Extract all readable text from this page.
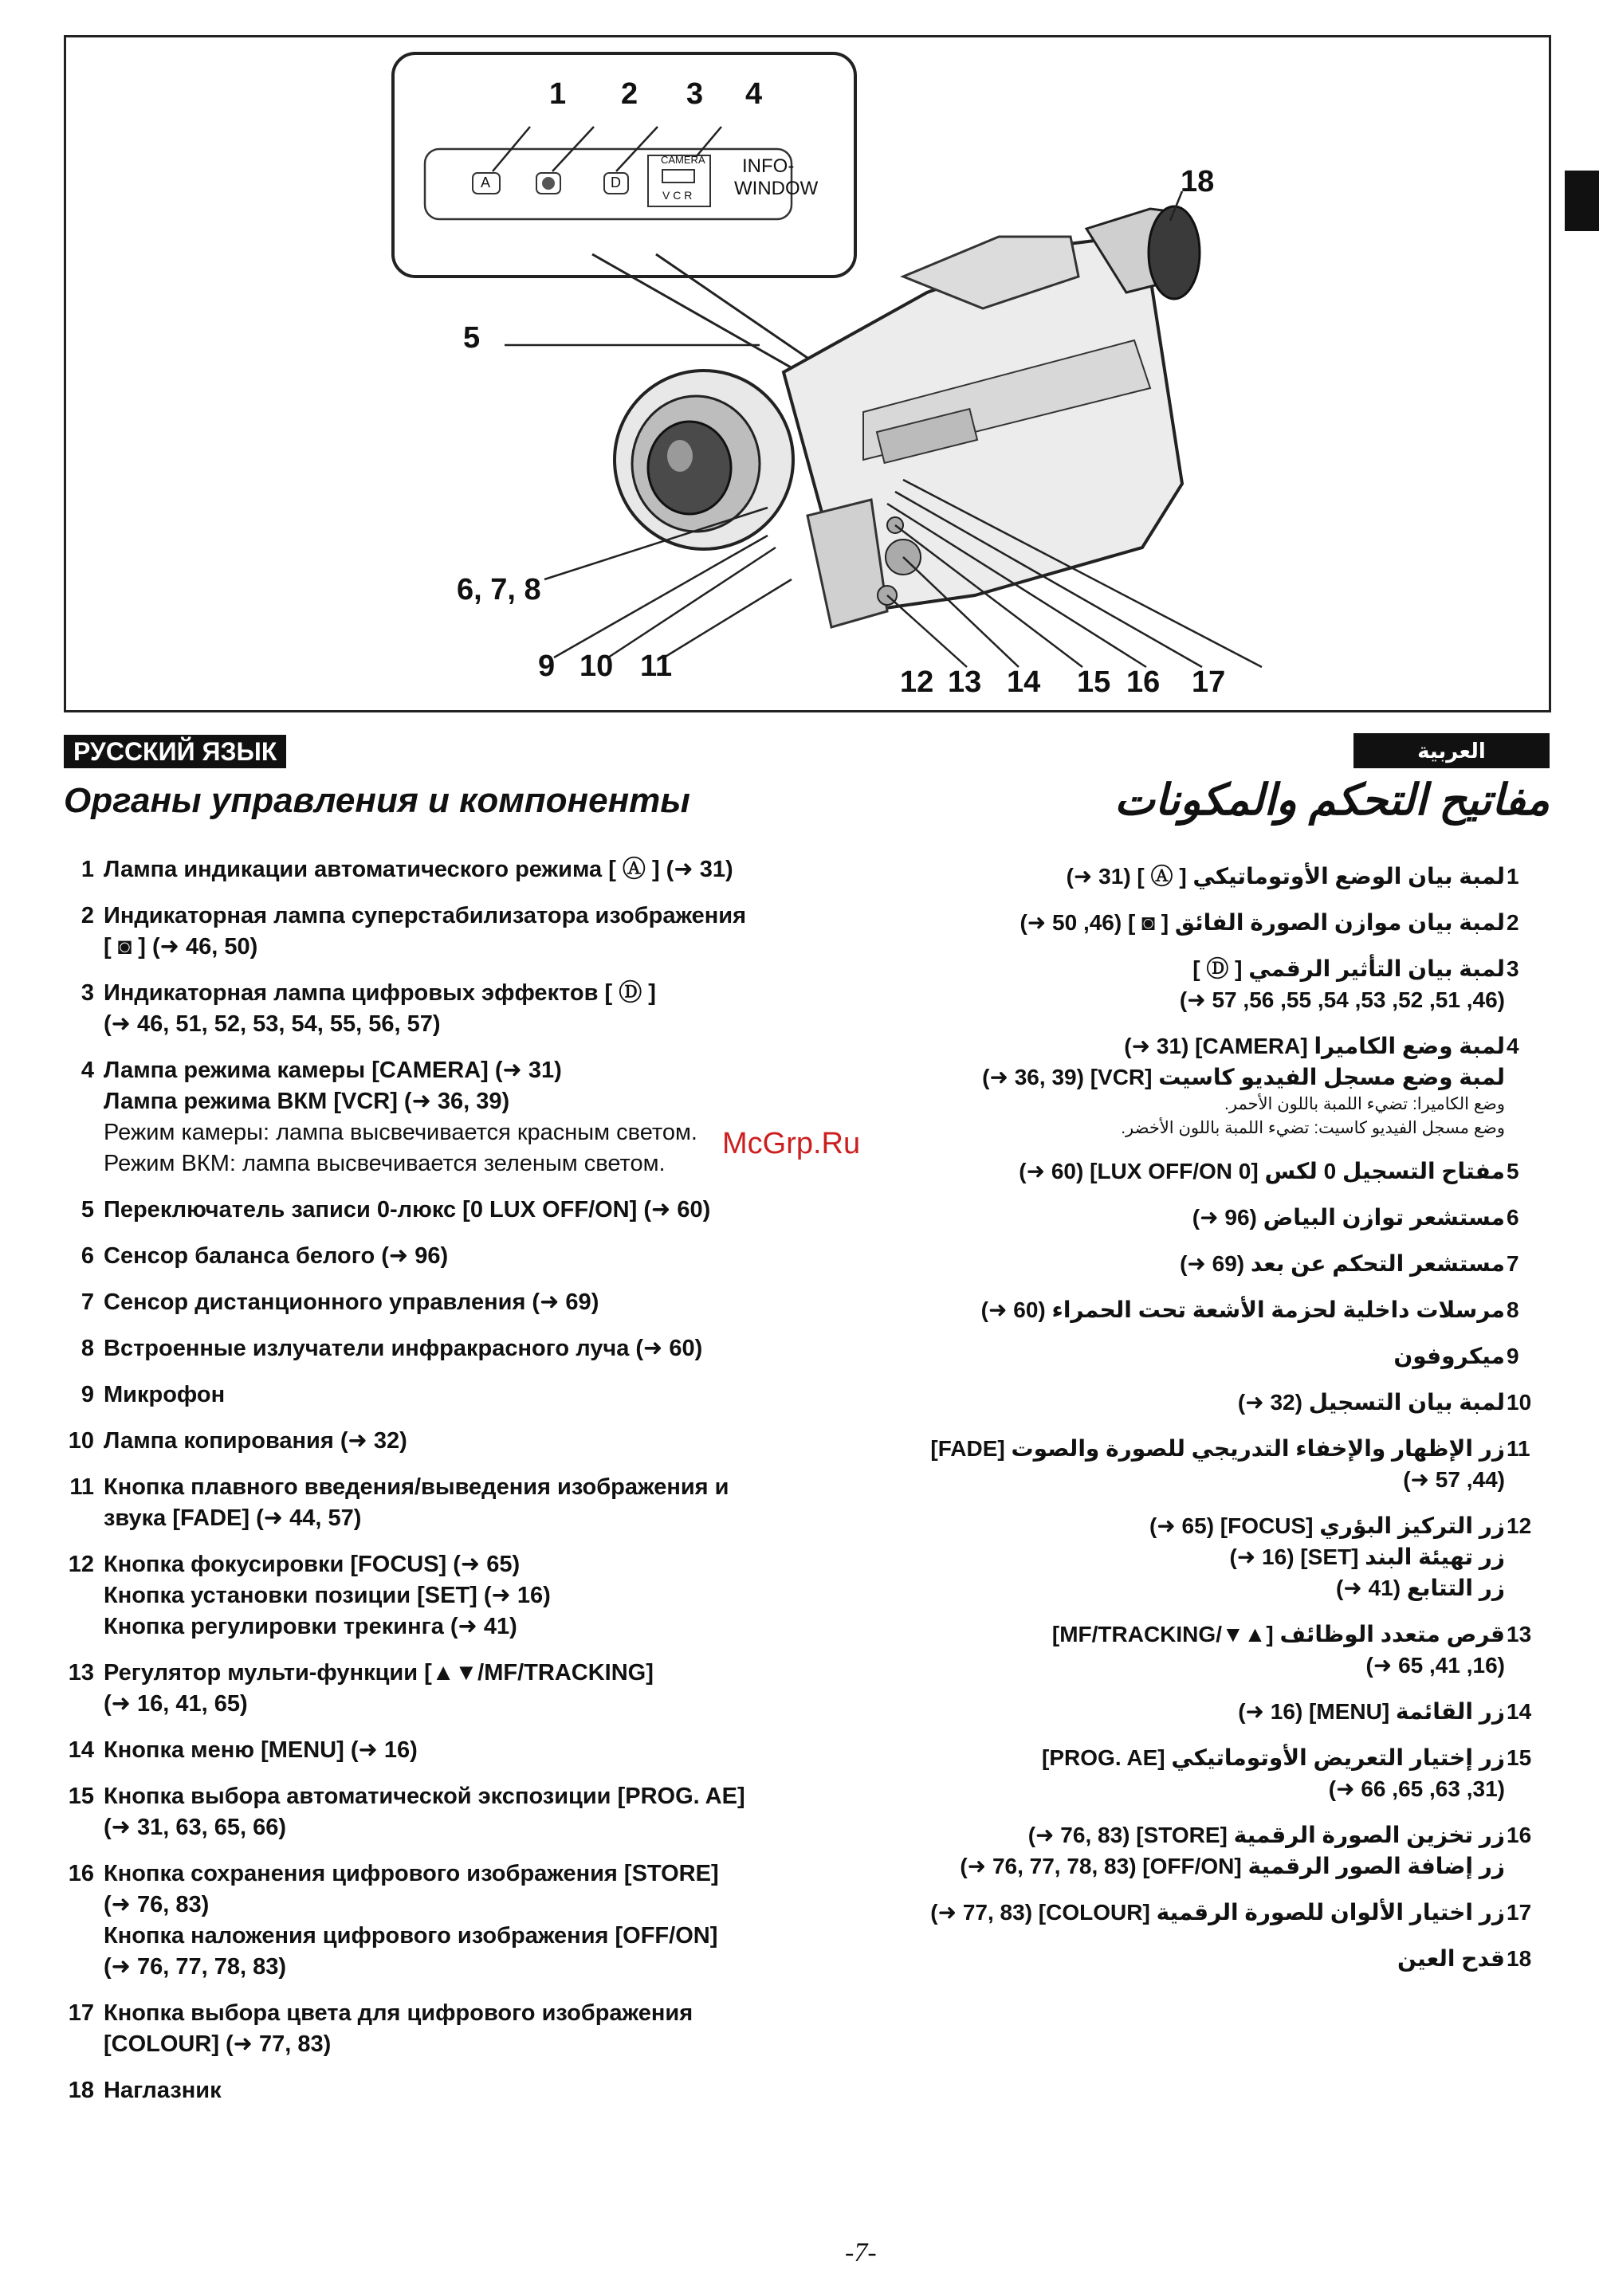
1 2 3 4
5
6, 7, 8
9 10 11	12 13 14 15 16 17
18
INFO-
WINDOW
CAMERA
V C R
A	D
РУССКИЙ ЯЗЫК
Органы управления и компоненты
1 Лампа индикации автоматического режима [ Ⓐ ] (➜ 31)
2 Индикаторная лампа суперстабилизатора изображения
[ ◙ ] (➜ 46, 50)
3 Индикаторная лампа цифровых эффектов [ Ⓓ ]
(➜ 46, 51, 52, 53, 54, 55, 56, 57)
4 Лампа режима камеры [CAMERA] (➜ 31)
Лампа режима ВКМ [VCR] (➜ 36, 39)
Режим камеры: лампа высвечивается красным светом.
Режим ВКМ: лампа высвечивается зеленым светом.
5 Переключатель записи 0-люкс [0 LUX OFF/ON] (➜ 60)
6 Сенсор баланса белого (➜ 96)
7 Сенсор дистанционного управления (➜ 69)
8 Встроенные излучатели инфракрасного луча (➜ 60)
9 Микрофон
10 Лампа копирования (➜ 32)
11 Кнопка плавного введения/выведения изображения и
звука [FADE] (➜ 44, 57)
12 Кнопка фокусировки [FOCUS] (➜ 65)
Кнопка установки позиции [SET] (➜ 16)
Кнопка регулировки трекинга (➜ 41)
13 Регулятор мульти-функции [▲▼/MF/TRACKING]
(➜ 16, 41, 65)
14 Кнопка меню [MENU] (➜ 16)
15 Кнопка выбора автоматической экспозиции [PROG. AE]
(➜ 31, 63, 65, 66)
16 Кнопка сохранения цифрового изображения [STORE]
(➜ 76, 83)
Кнопка наложения цифрового изображения [OFF/ON]
(➜ 76, 77, 78, 83)
17 Кнопка выбора цвета для цифрового изображения
[COLOUR] (➜ 77, 83)
18 Наглазник
العربية
مفاتيح التحكم والمكونات
1
لمبة بيان الوضع الأوتوماتيكي [ Ⓐ ] (31 ➜)
2
لمبة بيان موازن الصورة الفائق [ ◙ ] (46, 50 ➜)
3
لمبة بيان التأثير الرقمي [ Ⓓ ]
(46, 51, 52, 53, 54, 55, 56, 57 ➜)
4
لمبة وضع الكاميرا [CAMERA] (31 ➜)
لمبة وضع مسجل الفيديو كاسيت [VCR] (36, 39 ➜)
وضع الكاميرا: تضيء اللمبة باللون الأحمر.
وضع مسجل الفيديو كاسيت: تضيء اللمبة باللون الأخضر.
5
مفتاح التسجيل 0 لكس [0 LUX OFF/ON] (60 ➜)
6
مستشعر توازن البياض (96 ➜)
7
مستشعر التحكم عن بعد (69 ➜)
8
مرسلات داخلية لحزمة الأشعة تحت الحمراء (60 ➜)
9
ميكروفون
10
لمبة بيان التسجيل (32 ➜)
11
زر الإظهار والإخفاء التدريجي للصورة والصوت [FADE]
(44, 57 ➜)
12
زر التركيز البؤري [FOCUS] (65 ➜)
زر تهيئة البند [SET] (16 ➜)
زر التتابع (41 ➜)
13
قرص متعدد الوظائف [▲▼/MF/TRACKING]
(16, 41, 65 ➜)
14
زر القائمة [MENU] (16 ➜)
15
زر إختيار التعريض الأوتوماتيكي [PROG. AE]
(31, 63, 65, 66 ➜)
16
زر تخزين الصورة الرقمية [STORE] (76, 83 ➜)
زر إضافة الصور الرقمية [OFF/ON] (76, 77, 78, 83 ➜)
17
زر اختيار الألوان للصورة الرقمية [COLOUR] (77, 83 ➜)
18
قدح العين
McGrp.Ru
-7-
